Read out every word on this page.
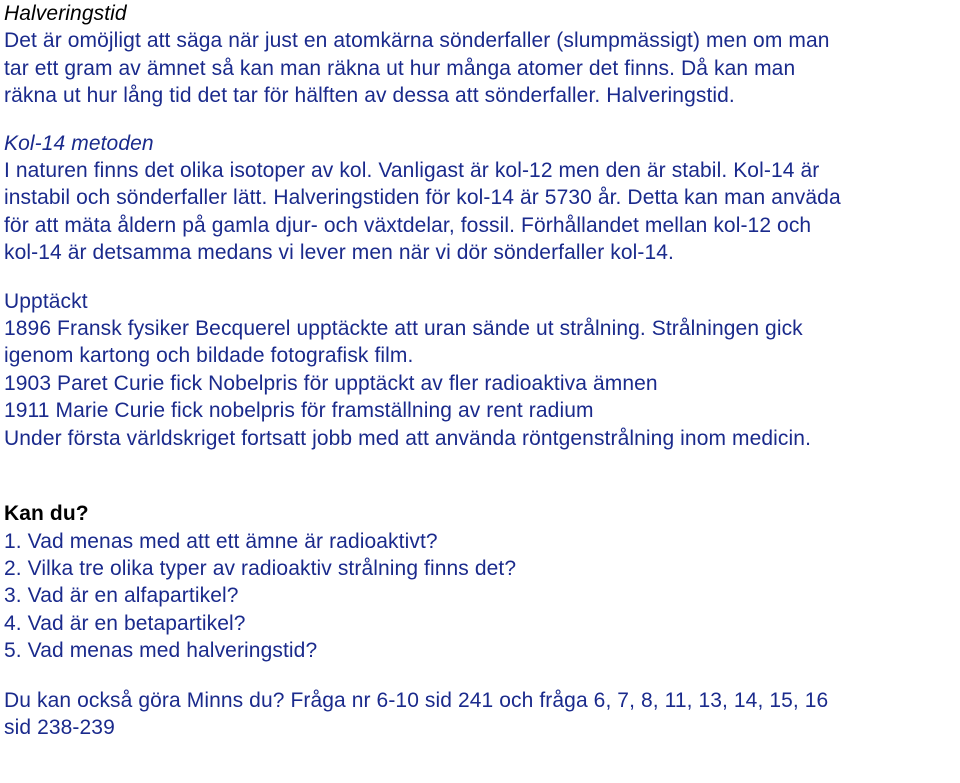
Halveringstid

Det är omöjligt att säga när just en atomkärna sönderfaller (slumpmässigt) men om man

tar ett gram av ämnet så kan man räkna ut hur många atomer det finns. Då kan man

räkna ut hur lång tid det tar för hälften av dessa att sönderfaller. Halveringstid.

Kol-14 metoden

I naturen finns det olika isotoper av kol. Vanligast är kol-12 men den är stabil. Kol-14 är

instabil och sönderfaller lätt. Halveringstiden för kol-14 är 5730 år. Detta kan man anväda

för att mäta åldern på gamla djur- och växtdelar, fossil. Förhållandet mellan kol-12 och

kol-14 är detsamma medans vi lever men när vi dör sönderfaller kol-14.

Upptäckt

1896 Fransk fysiker Becquerel upptäckte att uran sände ut strålning. Strålningen gick

igenom kartong och bildade fotografisk film.

1903 Paret Curie fick Nobelpris för upptäckt av fler radioaktiva ämnen

1911 Marie Curie fick nobelpris för framställning av rent radium

Under första världskriget fortsatt jobb med att använda röntgenstrålning inom medicin.

Kan du?

1. Vad menas med att ett ämne är radioaktivt?

2. Vilka tre olika typer av radioaktiv strålning finns det?

3. Vad är en alfapartikel?

4. Vad är en betapartikel?

5. Vad menas med halveringstid?

Du kan också göra Minns du? Fråga nr 6-10 sid 241 och fråga 6, 7, 8, 11, 13, 14, 15, 16

sid 238-239
